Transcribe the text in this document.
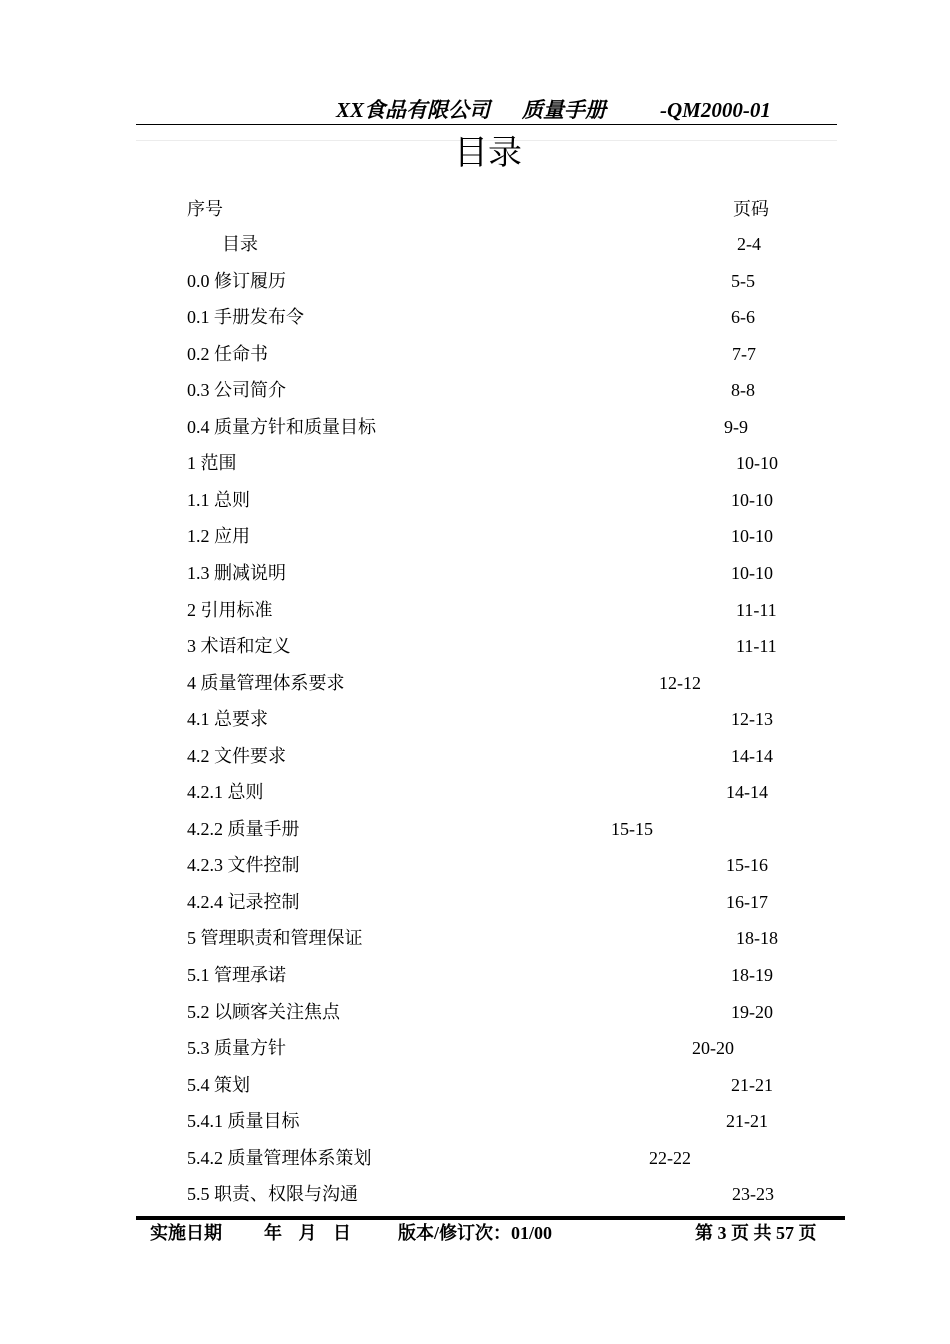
XX食品有限公司 质量手册	-QM2000-01
目录
序号	页码
目录	2-4
0.0 修订履历	5-5
0.1 手册发布令	6-6
0.2 任命书	7-7
0.3 公司简介	8-8
0.4 质量方针和质量目标	9-9
1 范围	10-10
1.1 总则	10-10
1.2 应用	10-10
1.3 删减说明	10-10
2 引用标准	11-11
3 术语和定义	11-11
4 质量管理体系要求	12-12
4.1 总要求	12-13
4.2 文件要求	14-14
4.2.1 总则	14-14
4.2.2 质量手册	15-15
4.2.3 文件控制	15-16
4.2.4 记录控制	16-17
5 管理职责和管理保证	18-18
5.1 管理承诺	18-19
5.2 以顾客关注焦点	19-20
5.3 质量方针	20-20
5.4 策划	21-21
5.4.1 质量目标	21-21
5.4.2 质量管理体系策划	22-22
5.5 职责、权限与沟通	23-23
实施日期 年 月 日	版本/修订次：01/00	第 3 页 共 57 页
